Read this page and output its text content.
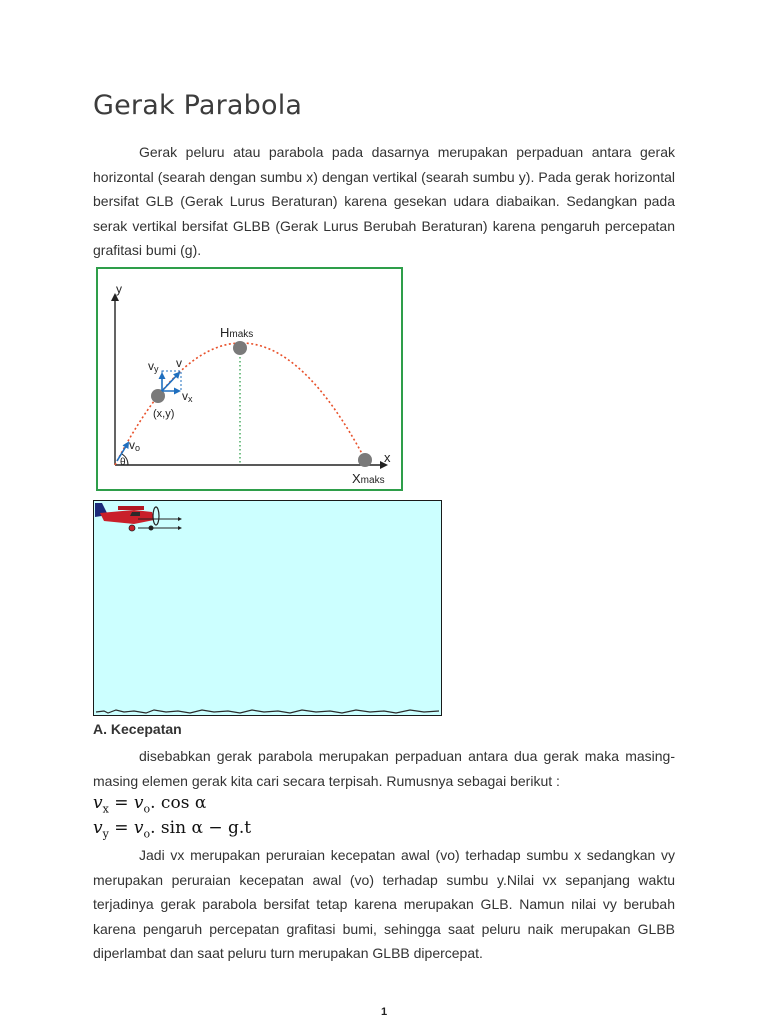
Gerak Parabola

Gerak peluru atau parabola pada dasarnya merupakan perpaduan antara gerak horizontal (searah dengan sumbu x) dengan vertikal (searah sumbu y). Pada gerak horizontal bersifat GLB (Gerak Lurus Beraturan) karena gesekan udara diabaikan. Sedangkan pada serak vertikal bersifat GLBB (Gerak Lurus Berubah Beraturan) karena pengaruh percepatan grafitasi bumi (g).

y
x
Hmaks
Xmaks
v
vy
vx
(x,y)
vo
θ
A. Kecepatan

disebabkan gerak parabola merupakan perpaduan antara dua gerak maka masing-masing elemen gerak kita cari secara terpisah. Rumusnya sebagai berikut :

$v_x = v_o$. cos α
$v_y = v_o$. sin α − g.t

Jadi vx merupakan peruraian kecepatan awal (vo) terhadap sumbu x sedangkan vy merupakan peruraian kecepatan awal (vo) terhadap sumbu y.Nilai vx sepanjang waktu terjadinya gerak parabola bersifat tetap karena merupakan GLB. Namun nilai vy berubah karena pengaruh percepatan grafitasi bumi, sehingga saat peluru naik merupakan GLBB diperlambat dan saat peluru turn merupakan GLBB dipercepat.

1
